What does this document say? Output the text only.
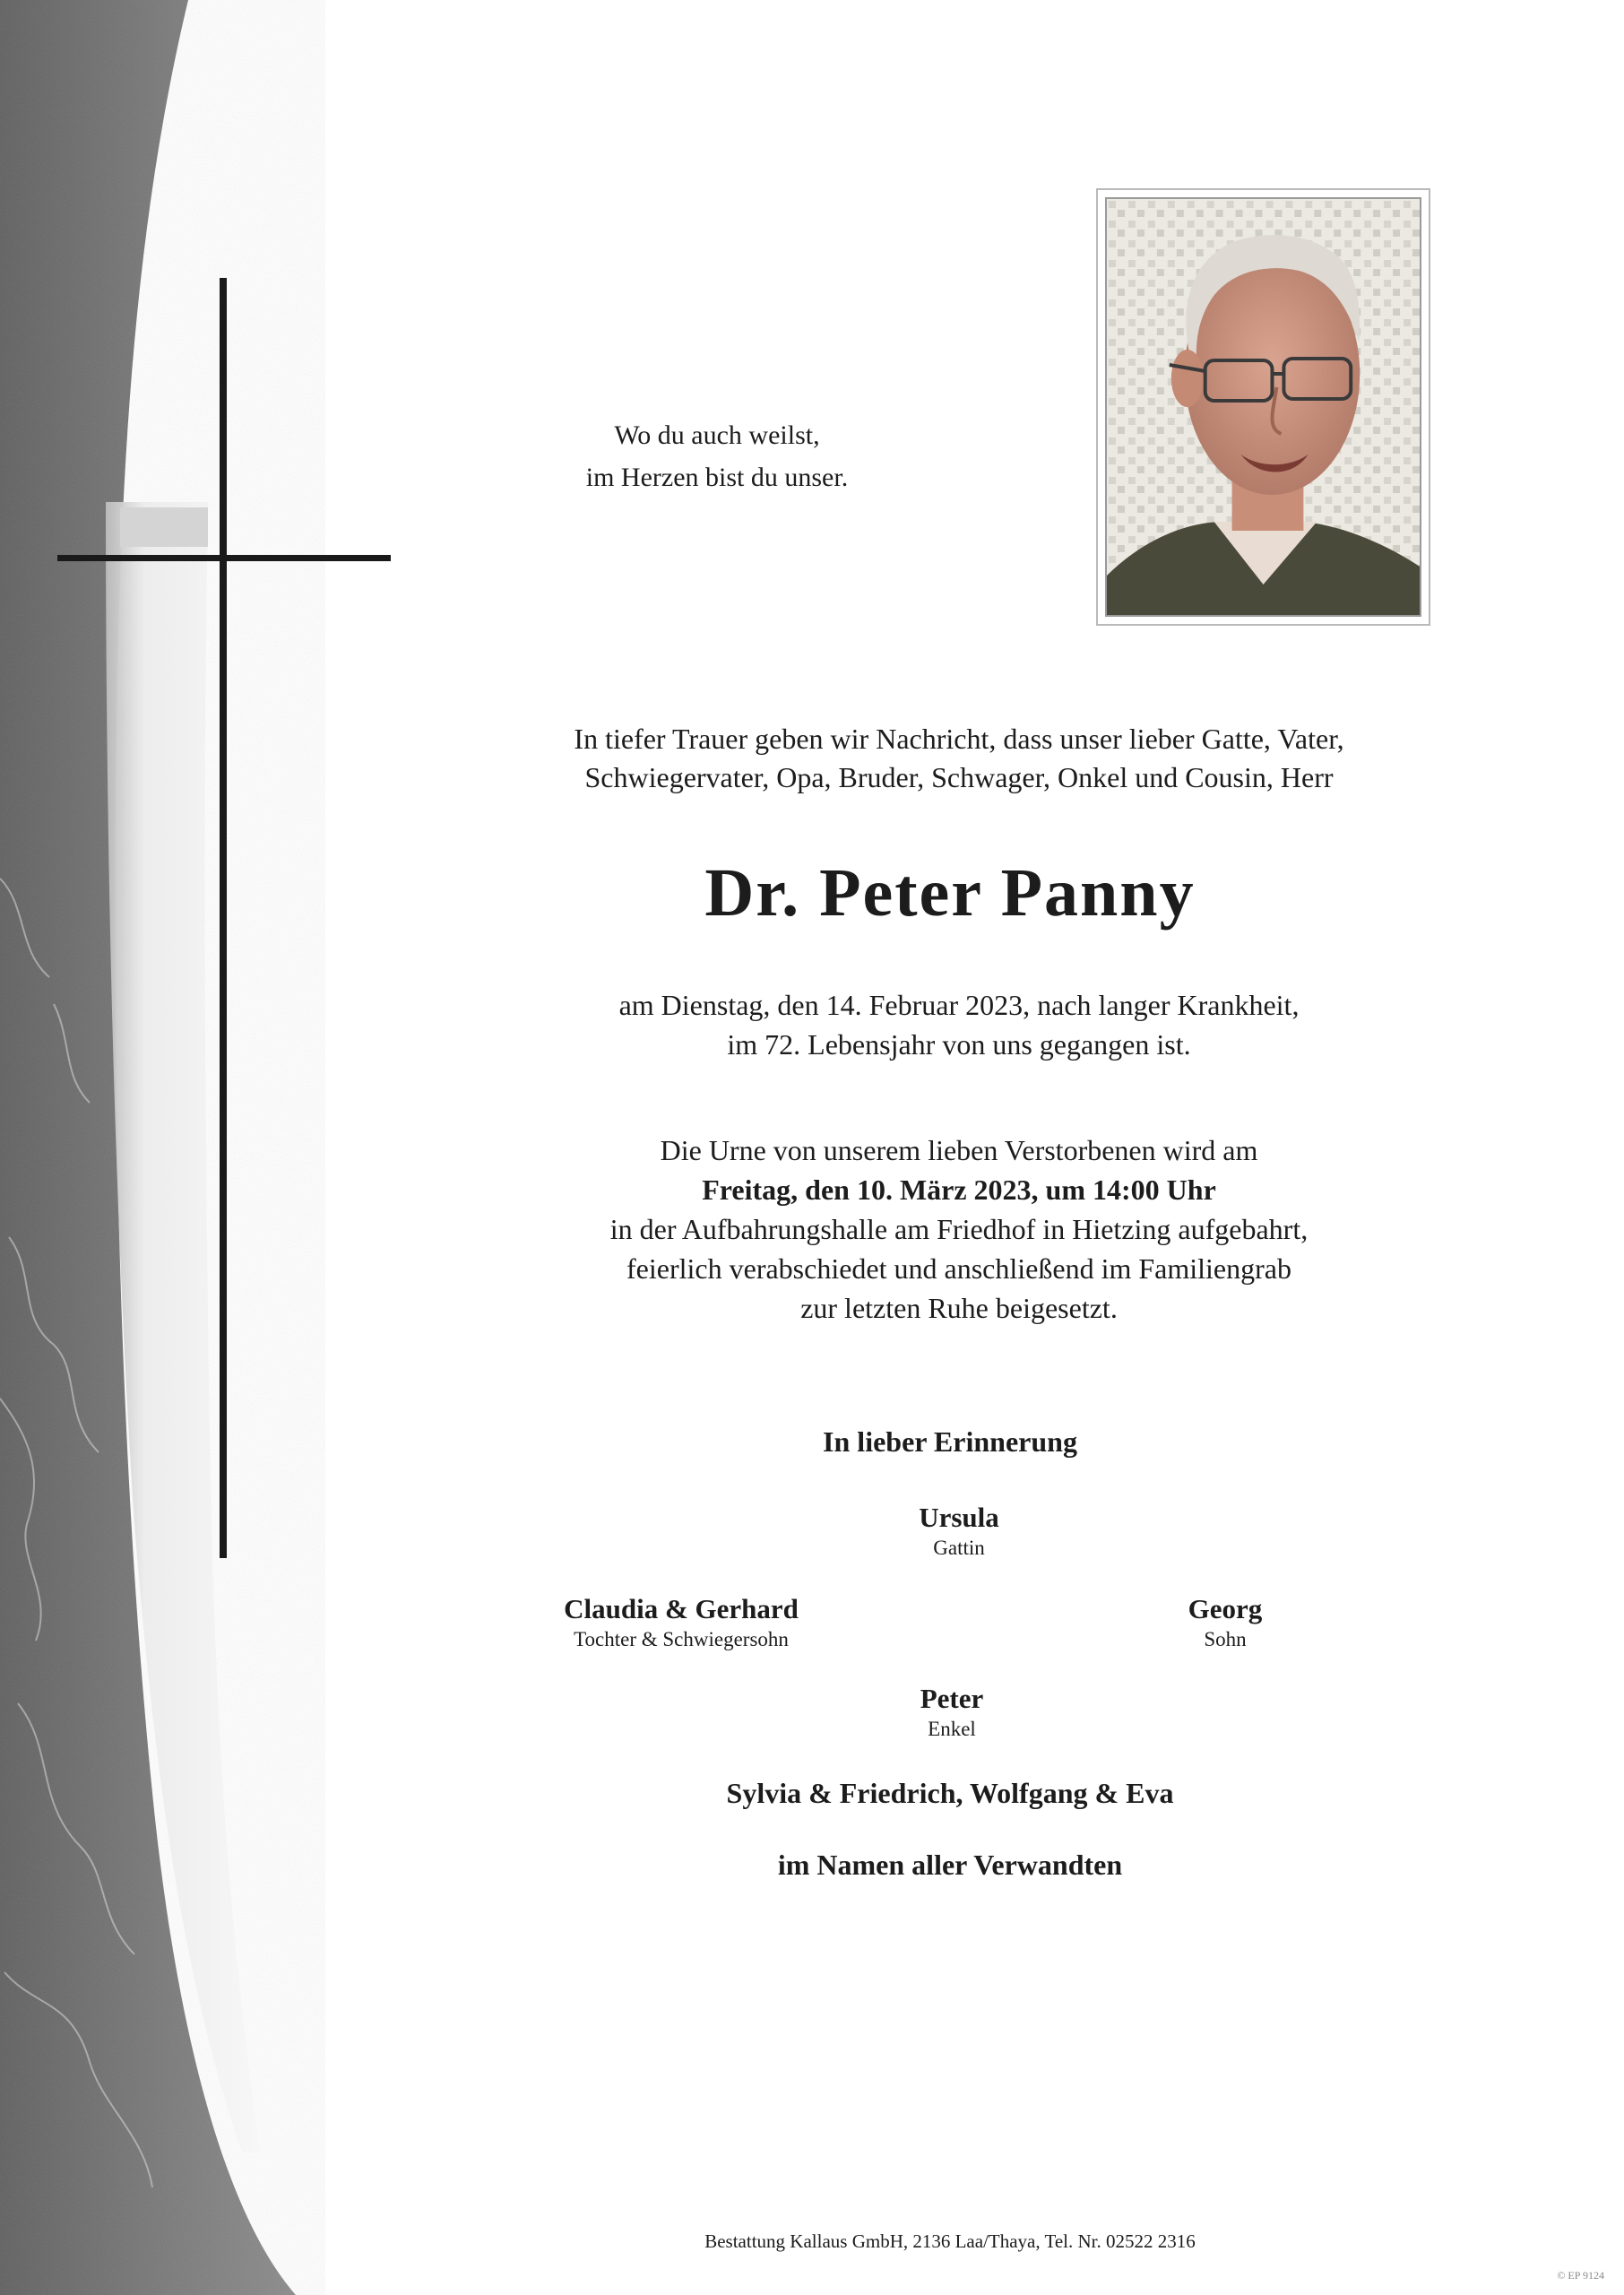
Wo du auch weilst,
im Herzen bist du unser.
In tiefer Trauer geben wir Nachricht, dass unser lieber Gatte, Vater,
Schwiegervater, Opa, Bruder, Schwager, Onkel und Cousin, Herr
Dr. Peter Panny
am Dienstag, den 14. Februar 2023, nach langer Krankheit,
im 72. Lebensjahr von uns gegangen ist.
Die Urne von unserem lieben Verstorbenen wird am
Freitag, den 10. März 2023, um 14:00 Uhr
in der Aufbahrungshalle am Friedhof in Hietzing aufgebahrt,
feierlich verabschiedet und anschließend im Familiengrab
zur letzten Ruhe beigesetzt.
In lieber Erinnerung
Ursula
Gattin
Claudia & Gerhard
Tochter & Schwiegersohn
Georg
Sohn
Peter
Enkel
Sylvia & Friedrich, Wolfgang & Eva
im Namen aller Verwandten
Bestattung Kallaus GmbH, 2136 Laa/Thaya, Tel. Nr. 02522 2316
© EP 9124
